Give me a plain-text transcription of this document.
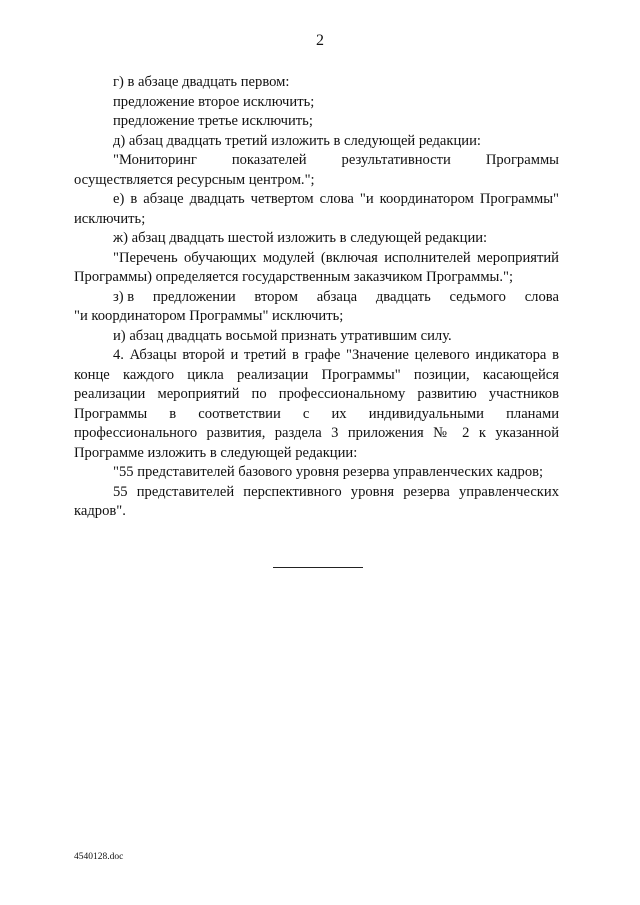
2

г) в абзаце двадцать первом:

предложение второе исключить;

предложение третье исключить;

д) абзац двадцать третий изложить в следующей редакции:

"Мониторинг показателей результативности Программы

осуществляется ресурсным центром.";

е) в абзаце двадцать четвертом слова "и координатором Программы" исключить;

ж) абзац двадцать шестой изложить в следующей редакции:

"Перечень обучающих модулей (включая исполнителей мероприятий Программы) определяется государственным заказчиком Программы.";

з) в предложении втором абзаца двадцать седьмого слова

"и координатором Программы" исключить;

и) абзац двадцать восьмой признать утратившим силу.

4. Абзацы второй и третий в графе "Значение целевого индикатора в конце каждого цикла реализации Программы" позиции, касающейся реализации мероприятий по профессиональному развитию участников Программы в соответствии с их индивидуальными планами профессионального развития, раздела 3 приложения № 2 к указанной Программе изложить в следующей редакции:

"55 представителей базового уровня резерва управленческих кадров;

55 представителей перспективного уровня резерва управленческих кадров".

4540128.doc
